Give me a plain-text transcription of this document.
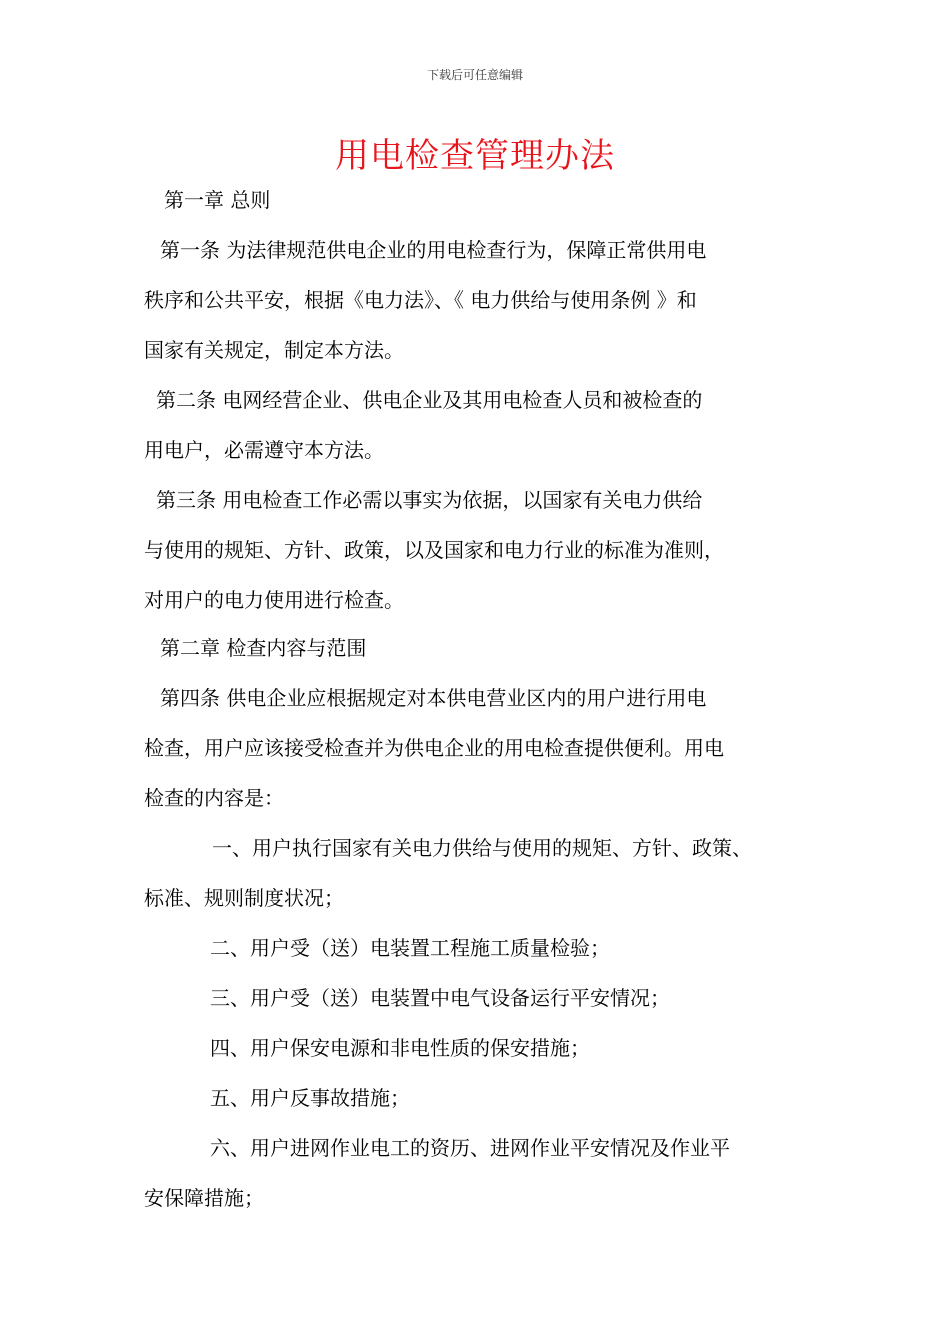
下载后可任意编辑
用电检查管理办法
第一章 总则
第一条 为法律规范供电企业的用电检查行为，保障正常供用电
秩序和公共平安，根据《电力法》、《 电力供给与使用条例 》和
国家有关规定，制定本方法。
第二条 电网经营企业、供电企业及其用电检查人员和被检查的
用电户，必需遵守本方法。
第三条 用电检查工作必需以事实为依据，以国家有关电力供给
与使用的规矩、方针、政策，以及国家和电力行业的标准为准则，
对用户的电力使用进行检查。
第二章 检查内容与范围
第四条 供电企业应根据规定对本供电营业区内的用户进行用电
检查，用户应该接受检查并为供电企业的用电检查提供便利。用电
检查的内容是：
一、用户执行国家有关电力供给与使用的规矩、方针、政策、
标准、规则制度状况；
二、用户受（送）电装置工程施工质量检验；
三、用户受（送）电装置中电气设备运行平安情况；
四、用户保安电源和非电性质的保安措施；
五、用户反事故措施；
六、用户进网作业电工的资历、进网作业平安情况及作业平
安保障措施；
